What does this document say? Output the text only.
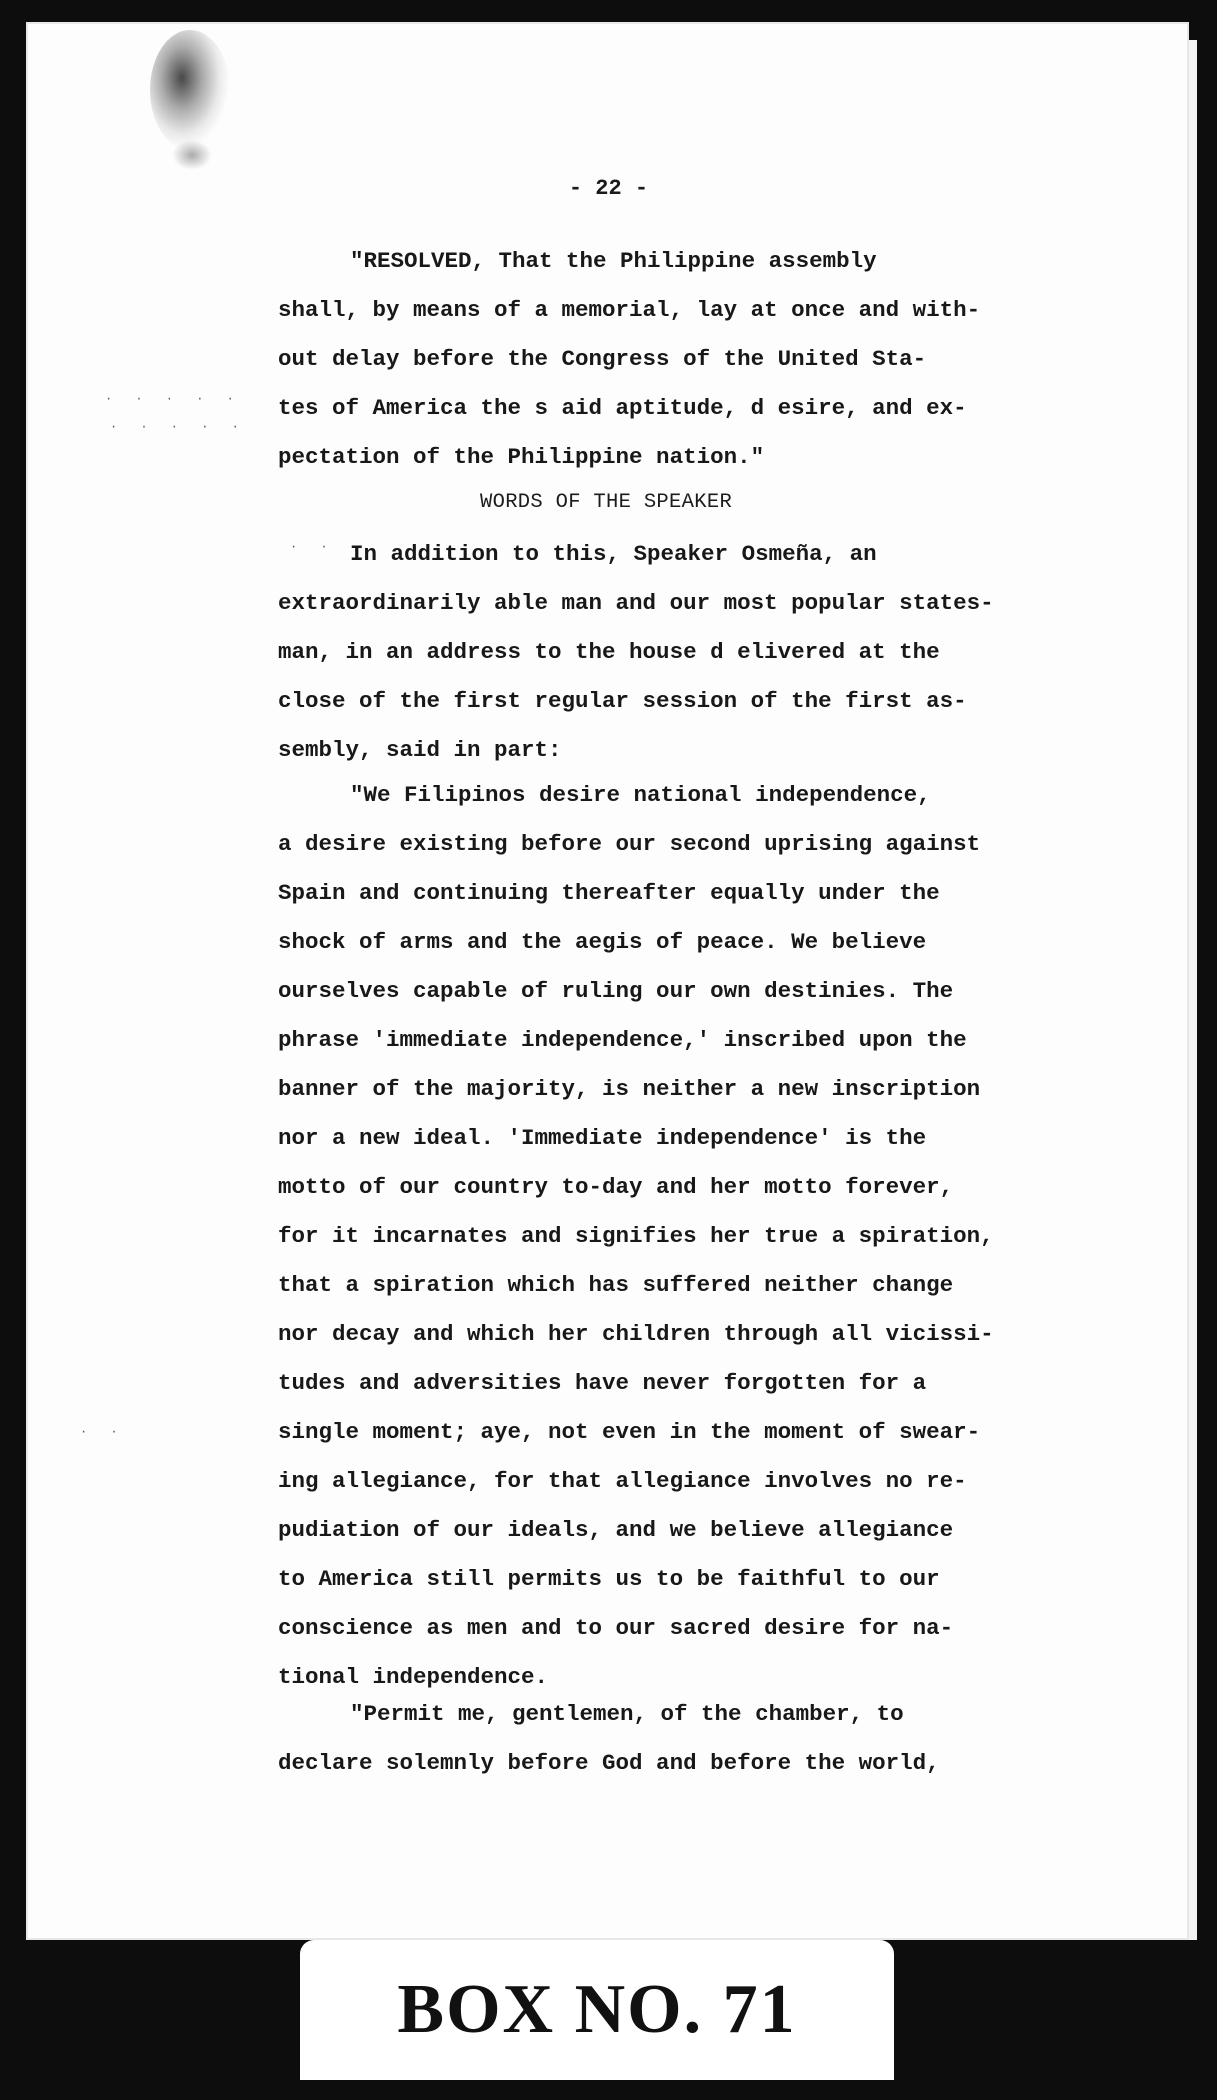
· · · · ·
· · · · ·
· ·
· ·
- 22 -
"RESOLVED, That the Philippine assembly
shall, by means of a memorial, lay at once and with-
out delay before the Congress of the United Sta-
tes of America the s aid aptitude, d esire, and ex-
pectation of the Philippine nation."
WORDS OF THE SPEAKER
In addition to this, Speaker Osmeña, an
extraordinarily able man and our most popular states-
man, in an address to the house d elivered at the
close of the first regular session of the first as-
sembly, said in part:
"We Filipinos desire national independence,
a desire existing before our second uprising against
Spain and continuing thereafter equally under the
shock of arms and the aegis of peace. We believe
ourselves capable of ruling our own destinies. The
phrase 'immediate independence,' inscribed upon the
banner of the majority, is neither a new inscription
nor a new ideal. 'Immediate independence' is the
motto of our country to-day and her motto forever,
for it incarnates and signifies her true a spiration,
that a spiration which has suffered neither change
nor decay and which her children through all vicissi-
tudes and adversities have never forgotten for a
single moment; aye, not even in the moment of swear-
ing allegiance, for that allegiance involves no re-
pudiation of our ideals, and we believe allegiance
to America still permits us to be faithful to our
conscience as men and to our sacred desire for na-
tional independence.
"Permit me, gentlemen, of the chamber, to
declare solemnly before God and before the world,
BOX NO. 71
